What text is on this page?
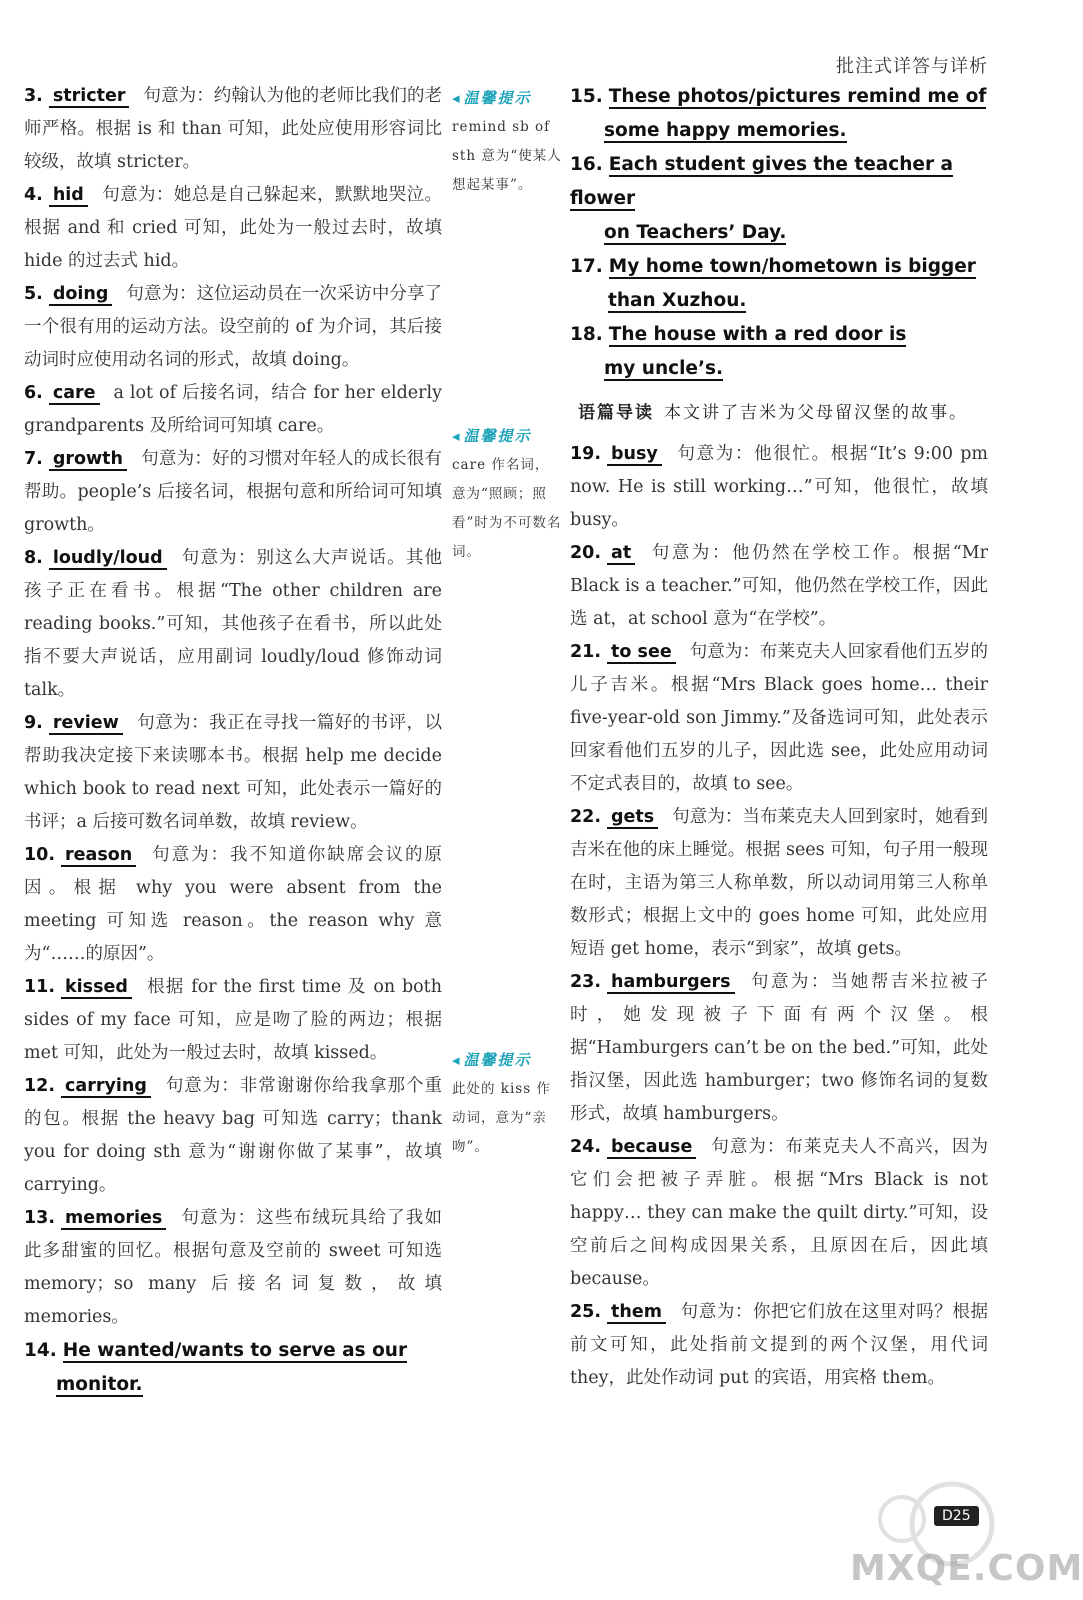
批注式详答与详析
3. stricter 句意为：约翰认为他的老师比我们的老师严格。根据 is 和 than 可知，此处应使用形容词比较级，故填 stricter。
4. hid 句意为：她总是自己躲起来，默默地哭泣。根据 and 和 cried 可知，此处为一般过去时，故填 hide 的过去式 hid。
5. doing 句意为：这位运动员在一次采访中分享了一个很有用的运动方法。设空前的 of 为介词，其后接动词时应使用动名词的形式，故填 doing。
6. care a lot of 后接名词，结合 for her elderly grandparents 及所给词可知填 care。
7. growth 句意为：好的习惯对年轻人的成长很有帮助。people’s 后接名词，根据句意和所给词可知填 growth。
8. loudly/loud 句意为：别这么大声说话。其他孩子正在看书。根据“The other children are reading books.”可知，其他孩子在看书，所以此处指不要大声说话，应用副词 loudly/loud 修饰动词 talk。
9. review 句意为：我正在寻找一篇好的书评，以帮助我决定接下来读哪本书。根据 help me decide which book to read next 可知，此处表示一篇好的书评；a 后接可数名词单数，故填 review。
10. reason 句意为：我不知道你缺席会议的原因。根据 why you were absent from the meeting 可知选 reason。the reason why 意为“……的原因”。
11. kissed 根据 for the first time 及 on both sides of my face 可知，应是吻了脸的两边；根据 met 可知，此处为一般过去时，故填 kissed。
12. carrying 句意为：非常谢谢你给我拿那个重的包。根据 the heavy bag 可知选 carry；thank you for doing sth 意为“谢谢你做了某事”，故填 carrying。
13. memories 句意为：这些布绒玩具给了我如此多甜蜜的回忆。根据句意及空前的 sweet 可知选 memory；so many 后接名词复数，故填 memories。
14. He wanted/wants to serve as our
monitor.
◂ 温馨提示
remind sb of sth 意为“使某人想起某事”。
◂ 温馨提示
care 作名词，意为“照顾；照看”时为不可数名词。
◂ 温馨提示
此处的 kiss 作动词，意为“亲吻”。
15. These photos/pictures remind me of
some happy memories.
16. Each student gives the teacher a flower
on Teachers’ Day.
17. My home town/hometown is bigger
than Xuzhou.
18. The house with a red door is
my uncle’s.
语篇导读 本文讲了吉米为父母留汉堡的故事。
19. busy 句意为：他很忙。根据“It’s 9:00 pm now. He is still working…”可知，他很忙，故填 busy。
20. at 句意为：他仍然在学校工作。根据“Mr Black is a teacher.”可知，他仍然在学校工作，因此选 at，at school 意为“在学校”。
21. to see 句意为：布莱克夫人回家看他们五岁的儿子吉米。根据“Mrs Black goes home… their five-year-old son Jimmy.”及备选词可知，此处表示回家看他们五岁的儿子，因此选 see，此处应用动词不定式表目的，故填 to see。
22. gets 句意为：当布莱克夫人回到家时，她看到吉米在他的床上睡觉。根据 sees 可知，句子用一般现在时，主语为第三人称单数，所以动词用第三人称单数形式；根据上文中的 goes home 可知，此处应用短语 get home，表示“到家”，故填 gets。
23. hamburgers 句意为：当她帮吉米拉被子时，她发现被子下面有两个汉堡。根据“Hamburgers can’t be on the bed.”可知，此处指汉堡，因此选 hamburger；two 修饰名词的复数形式，故填 hamburgers。
24. because 句意为：布莱克夫人不高兴，因为它们会把被子弄脏。根据“Mrs Black is not happy… they can make the quilt dirty.”可知，设空前后之间构成因果关系，且原因在后，因此填 because。
25. them 句意为：你把它们放在这里对吗？根据前文可知，此处指前文提到的两个汉堡，用代词 they，此处作动词 put 的宾语，用宾格 them。
MXQE.COM
D25
